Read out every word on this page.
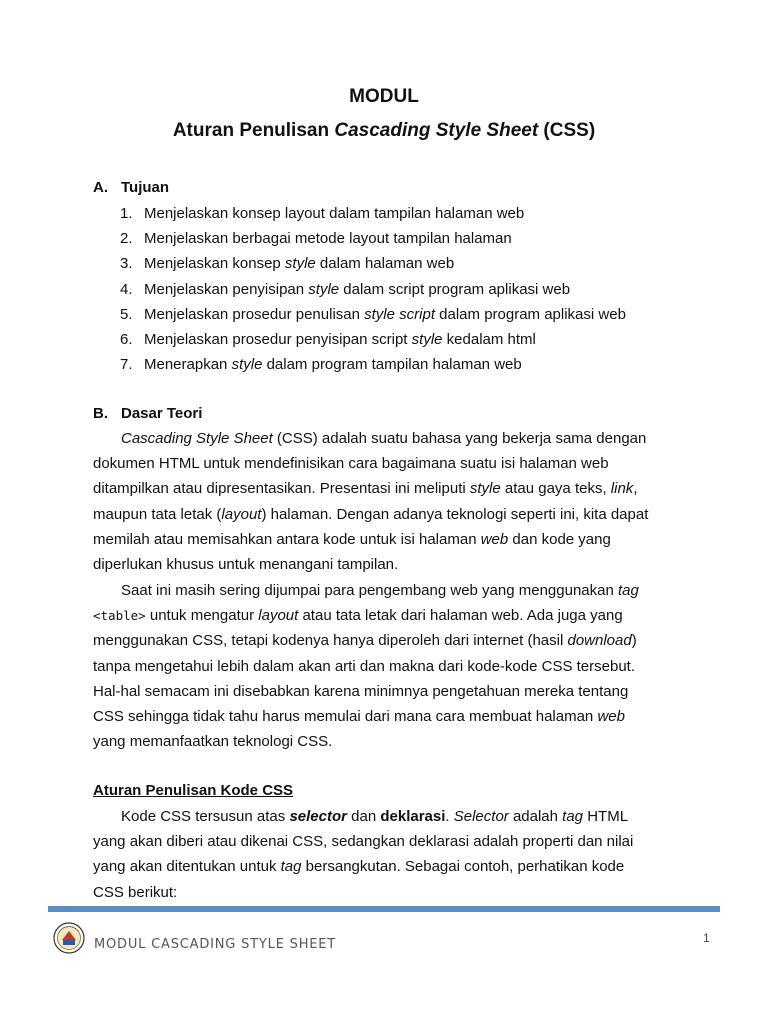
MODUL
Aturan Penulisan Cascading Style Sheet (CSS)
A. Tujuan
1. Menjelaskan konsep layout dalam tampilan halaman web
2. Menjelaskan berbagai metode layout tampilan halaman
3. Menjelaskan konsep style dalam halaman web
4. Menjelaskan penyisipan style dalam script program aplikasi web
5. Menjelaskan prosedur penulisan style script dalam program aplikasi web
6. Menjelaskan prosedur penyisipan script style kedalam html
7. Menerapkan style dalam program tampilan halaman web
B. Dasar Teori
Cascading Style Sheet (CSS) adalah suatu bahasa yang bekerja sama dengan
dokumen HTML untuk mendefinisikan cara bagaimana suatu isi halaman web
ditampilkan atau dipresentasikan. Presentasi ini meliputi style atau gaya teks, link,
maupun tata letak (layout) halaman. Dengan adanya teknologi seperti ini, kita dapat
memilah atau memisahkan antara kode untuk isi halaman web dan kode yang
diperlukan khusus untuk menangani tampilan.
Saat ini masih sering dijumpai para pengembang web yang menggunakan tag
<table> untuk mengatur layout atau tata letak dari halaman web. Ada juga yang
menggunakan CSS, tetapi kodenya hanya diperoleh dari internet (hasil download)
tanpa mengetahui lebih dalam akan arti dan makna dari kode-kode CSS tersebut.
Hal-hal semacam ini disebabkan karena minimnya pengetahuan mereka tentang
CSS sehingga tidak tahu harus memulai dari mana cara membuat halaman web
yang memanfaatkan teknologi CSS.
Aturan Penulisan Kode CSS
Kode CSS tersusun atas selector dan deklarasi. Selector adalah tag HTML
yang akan diberi atau dikenai CSS, sedangkan deklarasi adalah properti dan nilai
yang akan ditentukan untuk tag bersangkutan. Sebagai contoh, perhatikan kode
CSS berikut:
MODUL CASCADING STYLE SHEET	1
